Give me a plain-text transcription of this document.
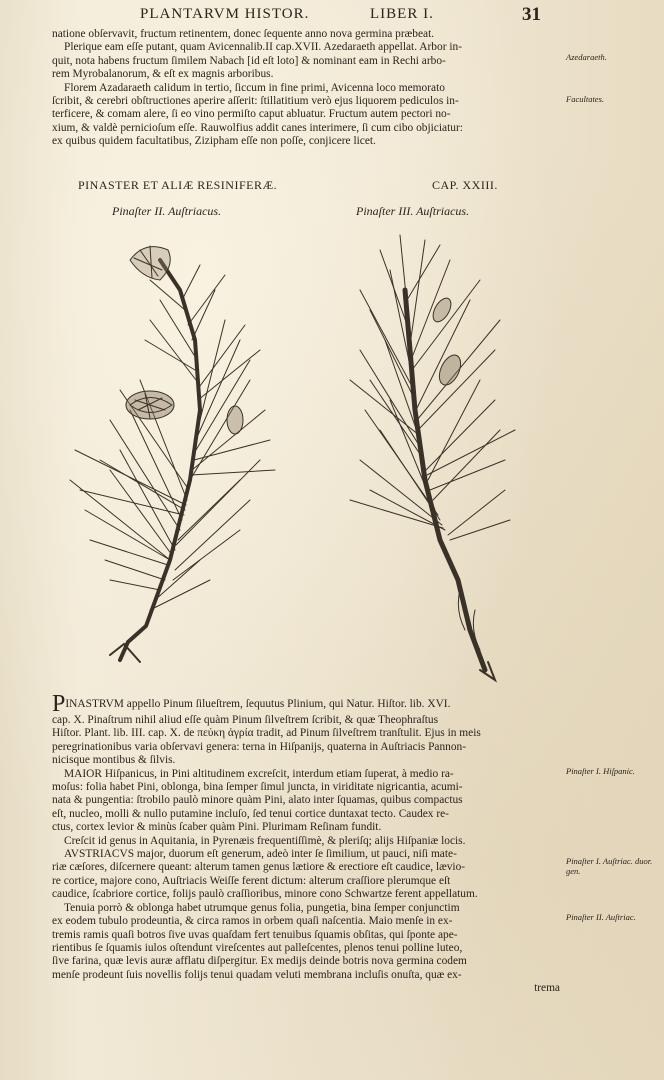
PLANTARVM HISTOR.	LIBER I.	31

natione obſervavit, fructum retinentem, donec ſequente anno nova germina præbeat.

Plerique eam eſſe putant, quam Avicennalib.II cap.XVII. Azedaraeth appellat. Arbor in-

quit, nota habens fructum ſimilem Nabach [id eſt loto] & nominant eam in Rechi arbo-

rem Myrobalanorum, & eſt ex magnis arboribus.

Florem Azadaraeth calidum in tertio, ſiccum in fine primi, Avicenna loco memorato

ſcribit, & cerebri obſtructiones aperire aſſerit: ſtillatitium verò ejus liquorem pediculos in-

terficere, & comam alere, ſi eo vino permiſto caput abluatur. Fructum autem pectori no-

xium, & valdè pernicioſum eſſe. Rauwolfius addit canes interimere, ſi cum cibo objiciatur:

ex quibus quidem facultatibus, Zizipham eſſe non poſſe, conjicere licet.

Azedaraeth.
Facultates.
PINASTER ET ALIÆ RESINIFERÆ.	CAP. XXIII.
Pinaſter II. Auſtriacus.	Pinaſter III. Auſtriacus.

PINASTRVM appello Pinum ſilueſtrem, ſequutus Plinium, qui Natur. Hiſtor. lib. XVI.

cap. X. Pinaſtrum nihil aliud eſſe quàm Pinum ſilveſtrem ſcribit, & quæ Theophraſtus

Hiſtor. Plant. lib. III. cap. X. de πεύκη ἀγρία tradit, ad Pinum ſilveſtrem tranſtulit. Ejus in meis

peregrinationibus varia obſervavi genera: terna in Hiſpanijs, quaterna in Auſtriacis Pannon-

nicisque montibus & ſilvis.

MAIOR Hiſpanicus, in Pini altitudinem excreſcit, interdum etiam ſuperat, à medio ra-

moſus: folia habet Pini, oblonga, bina ſemper ſimul juncta, in viriditate nigricantia, acumi-

nata & pungentia: ſtrobilo paulò minore quàm Pini, alato inter ſquamas, quibus compactus

eſt, nucleo, molli & nullo putamine incluſo, ſed tenui cortice duntaxat tecto. Caudex re-

ctus, cortex levior & minùs ſcaber quàm Pini. Plurimam Reſinam fundit.

Creſcit id genus in Aquitania, in Pyrenæis frequentiſſimè, & pleriſq; alijs Hiſpaniæ locis.

AVSTRIACVS major, duorum eſt generum, adeò inter ſe ſimilium, ut pauci, niſi mate-

riæ cæſores, diſcernere queant: alterum tamen genus lætiore & erectiore eſt caudice, lævio-

re cortice, majore cono, Auſtriacis Weiſſe ferent dictum: alterum craſſiore plerumque eſt

caudice, ſcabriore cortice, folijs paulò craſſioribus, minore cono Schwartze ferent appellatum.

Tenuia porrò & oblonga habet utrumque genus folia, pungetia, bina ſemper conjunctim

ex eodem tubulo prodeuntia, & circa ramos in orbem quaſi naſcentia. Maio menſe in ex-

tremis ramis quaſi botros ſive uvas quaſdam fert tenuibus ſquamis obſitas, qui ſponte ape-

rientibus ſe ſquamis iulos oſtendunt vireſcentes aut palleſcentes, plenos tenui polline luteo,

ſive farina, quæ levis auræ afflatu diſpergitur. Ex medijs deinde botris nova germina codem

menſe prodeunt ſuis novellis folijs tenui quadam veluti membrana incluſis onuſta, quæ ex-

trema

Pinaſter I. Hiſpanic.
Pinaſter I. Auſtriac. duor. gen.
Pinaſter II. Auſtriac.
